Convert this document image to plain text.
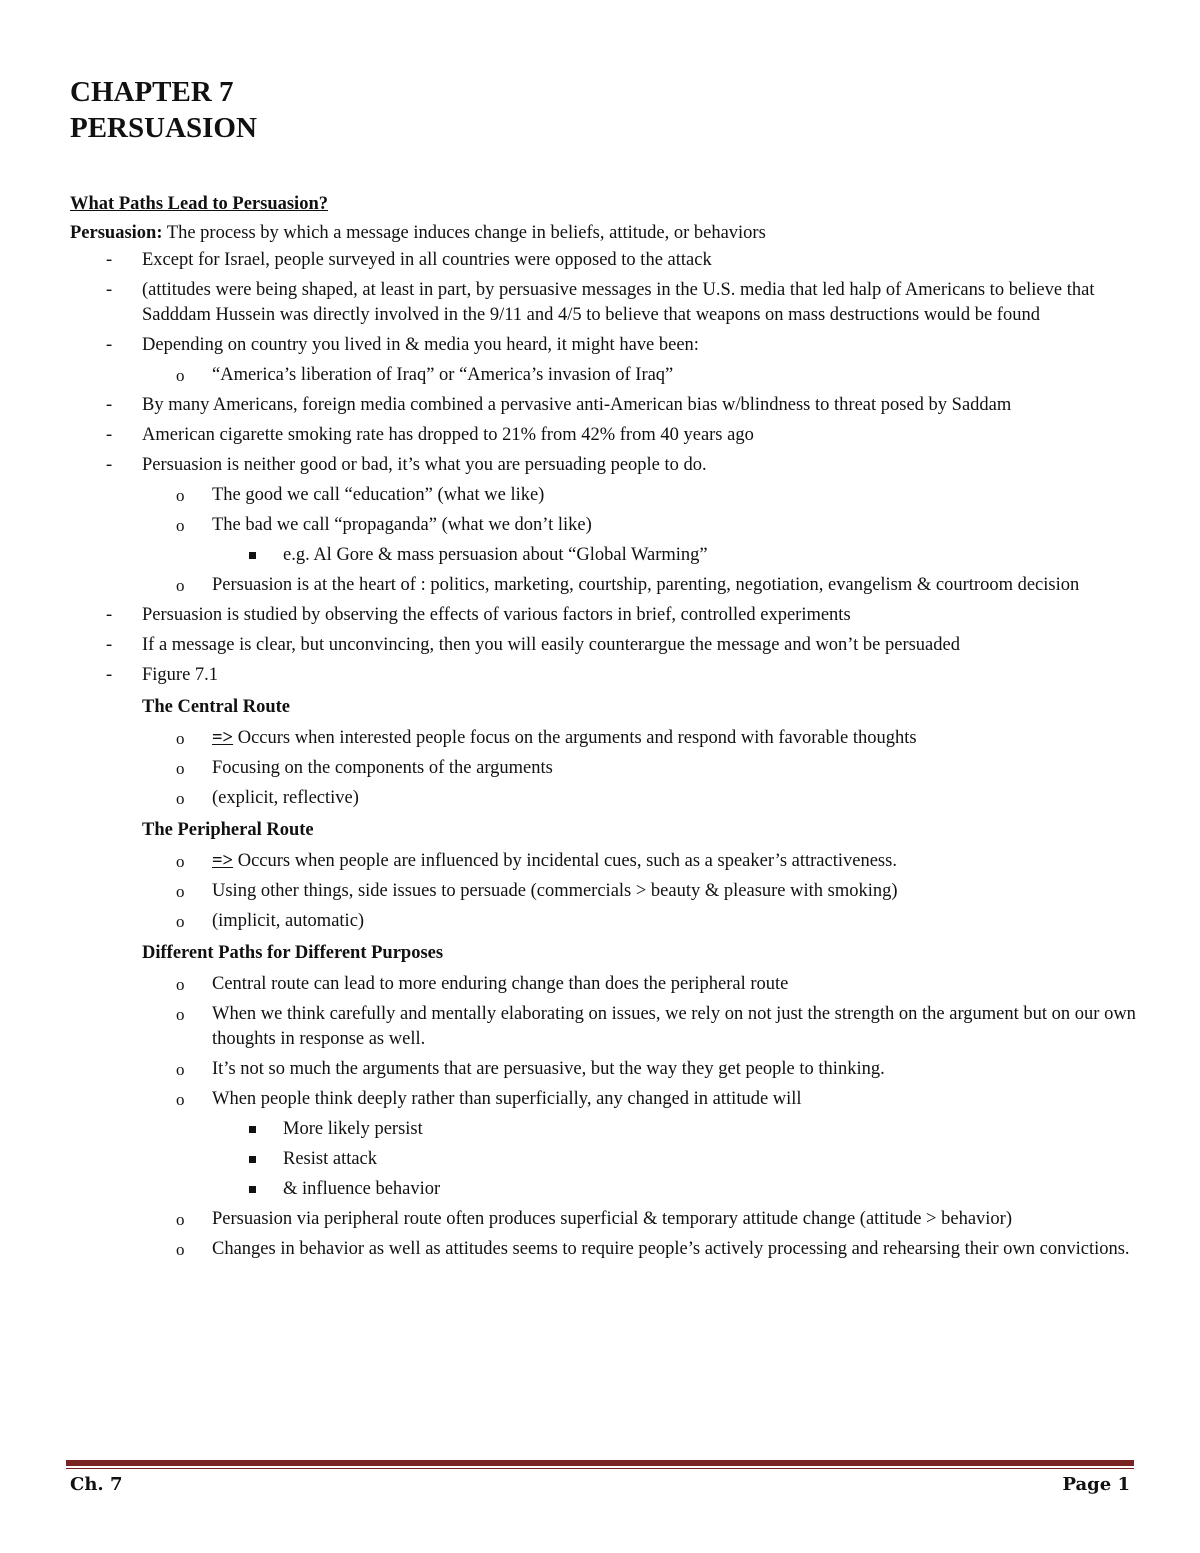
CHAPTER 7
PERSUASION
What Paths Lead to Persuasion?
Persuasion: The process by which a message induces change in beliefs, attitude, or behaviors
- Except for Israel, people surveyed in all countries were opposed to the attack
- (attitudes were being shaped, at least in part, by persuasive messages in the U.S. media that led halp of Americans to believe that Sadddam Hussein was directly involved in the 9/11 and 4/5 to believe that weapons on mass destructions would be found
- Depending on country you lived in & media you heard, it might have been:
o “America’s liberation of Iraq” or “America’s invasion of Iraq”
- By many Americans, foreign media combined a pervasive anti-American bias w/blindness to threat posed by Saddam
- American cigarette smoking rate has dropped to 21% from 42% from 40 years ago
- Persuasion is neither good or bad, it’s what you are persuading people to do.
o The good we call “education” (what we like)
o The bad we call “propaganda” (what we don’t like)
e.g. Al Gore & mass persuasion about “Global Warming”
o Persuasion is at the heart of : politics, marketing, courtship, parenting, negotiation, evangelism & courtroom decision
- Persuasion is studied by observing the effects of various factors in brief, controlled experiments
- If a message is clear, but unconvincing, then you will easily counterargue the message and won’t be persuaded
- Figure 7.1
The Central Route
o => Occurs when interested people focus on the arguments and respond with favorable thoughts
o Focusing on the components of the arguments
o (explicit, reflective)
The Peripheral Route
o => Occurs when people are influenced by incidental cues, such as a speaker’s attractiveness.
o Using other things, side issues to persuade (commercials > beauty & pleasure with smoking)
o (implicit, automatic)
Different Paths for Different Purposes
o Central route can lead to more enduring change than does the peripheral route
o When we think carefully and mentally elaborating on issues, we rely on not just the strength on the argument but on our own thoughts in response as well.
o It’s not so much the arguments that are persuasive, but the way they get people to thinking.
o When people think deeply rather than superficially, any changed in attitude will
More likely persist
Resist attack
& influence behavior
o Persuasion via peripheral route often produces superficial & temporary attitude change (attitude > behavior)
o Changes in behavior as well as attitudes seems to require people’s actively processing and rehearsing their own convictions.
Ch. 7	Page 1
